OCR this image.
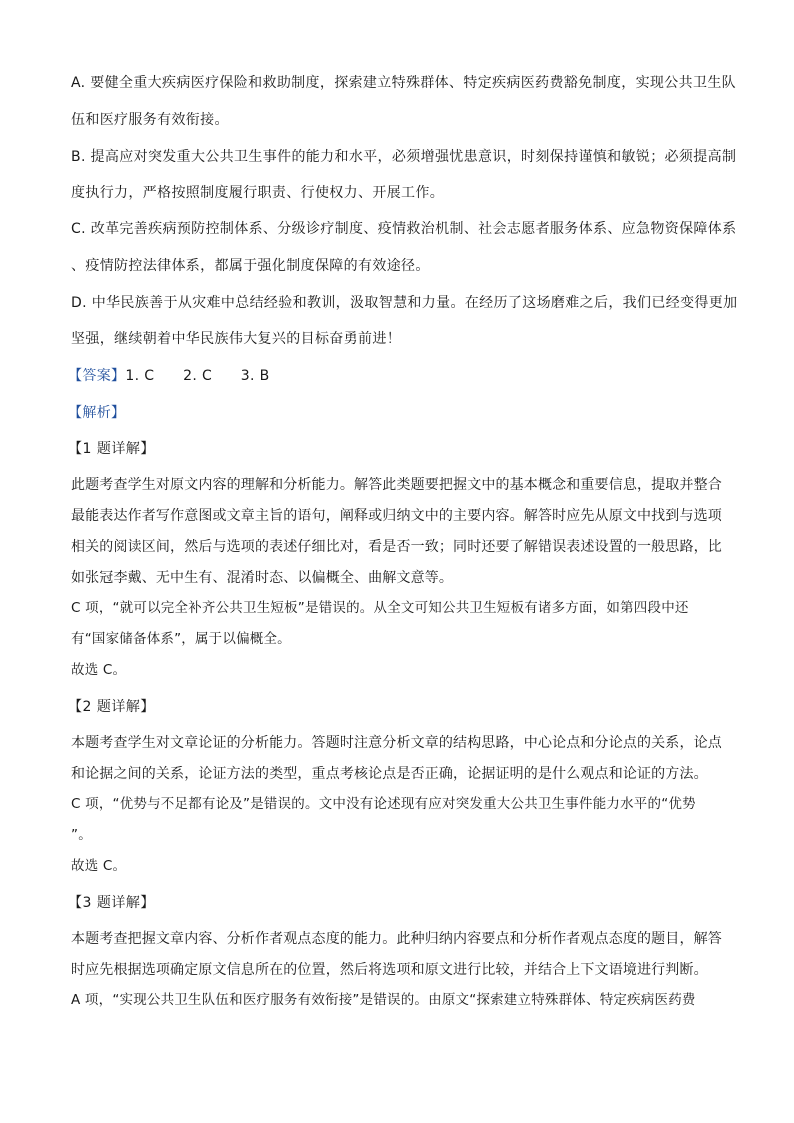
A. 要健全重大疾病医疗保险和救助制度，探索建立特殊群体、特定疾病医药费豁免制度，实现公共卫生队
伍和医疗服务有效衔接。
B. 提高应对突发重大公共卫生事件的能力和水平，必须增强忧患意识，时刻保持谨慎和敏锐；必须提高制
度执行力，严格按照制度履行职责、行使权力、开展工作。
C. 改革完善疾病预防控制体系、分级诊疗制度、疫情救治机制、社会志愿者服务体系、应急物资保障体系
、疫情防控法律体系，都属于强化制度保障的有效途径。
D. 中华民族善于从灾难中总结经验和教训，汲取智慧和力量。在经历了这场磨难之后，我们已经变得更加
坚强，继续朝着中华民族伟大复兴的目标奋勇前进！
【答案】1. C　　2. C　　3. B
【解析】
【1 题详解】
此题考查学生对原文内容的理解和分析能力。解答此类题要把握文中的基本概念和重要信息，提取并整合
最能表达作者写作意图或文章主旨的语句，阐释或归纳文中的主要内容。解答时应先从原文中找到与选项
相关的阅读区间，然后与选项的表述仔细比对，看是否一致；同时还要了解错误表述设置的一般思路，比
如张冠李戴、无中生有、混淆时态、以偏概全、曲解文意等。
C 项，“就可以完全补齐公共卫生短板”是错误的。从全文可知公共卫生短板有诸多方面，如第四段中还
有“国家储备体系”，属于以偏概全。
故选 C。
【2 题详解】
本题考查学生对文章论证的分析能力。答题时注意分析文章的结构思路，中心论点和分论点的关系，论点
和论据之间的关系，论证方法的类型，重点考核论点是否正确，论据证明的是什么观点和论证的方法。
C 项，“优势与不足都有论及”是错误的。文中没有论述现有应对突发重大公共卫生事件能力水平的“优势
”。
故选 C。
【3 题详解】
本题考查把握文章内容、分析作者观点态度的能力。此种归纳内容要点和分析作者观点态度的题目，解答
时应先根据选项确定原文信息所在的位置，然后将选项和原文进行比较，并结合上下文语境进行判断。
A 项，“实现公共卫生队伍和医疗服务有效衔接”是错误的。由原文“探索建立特殊群体、特定疾病医药费
